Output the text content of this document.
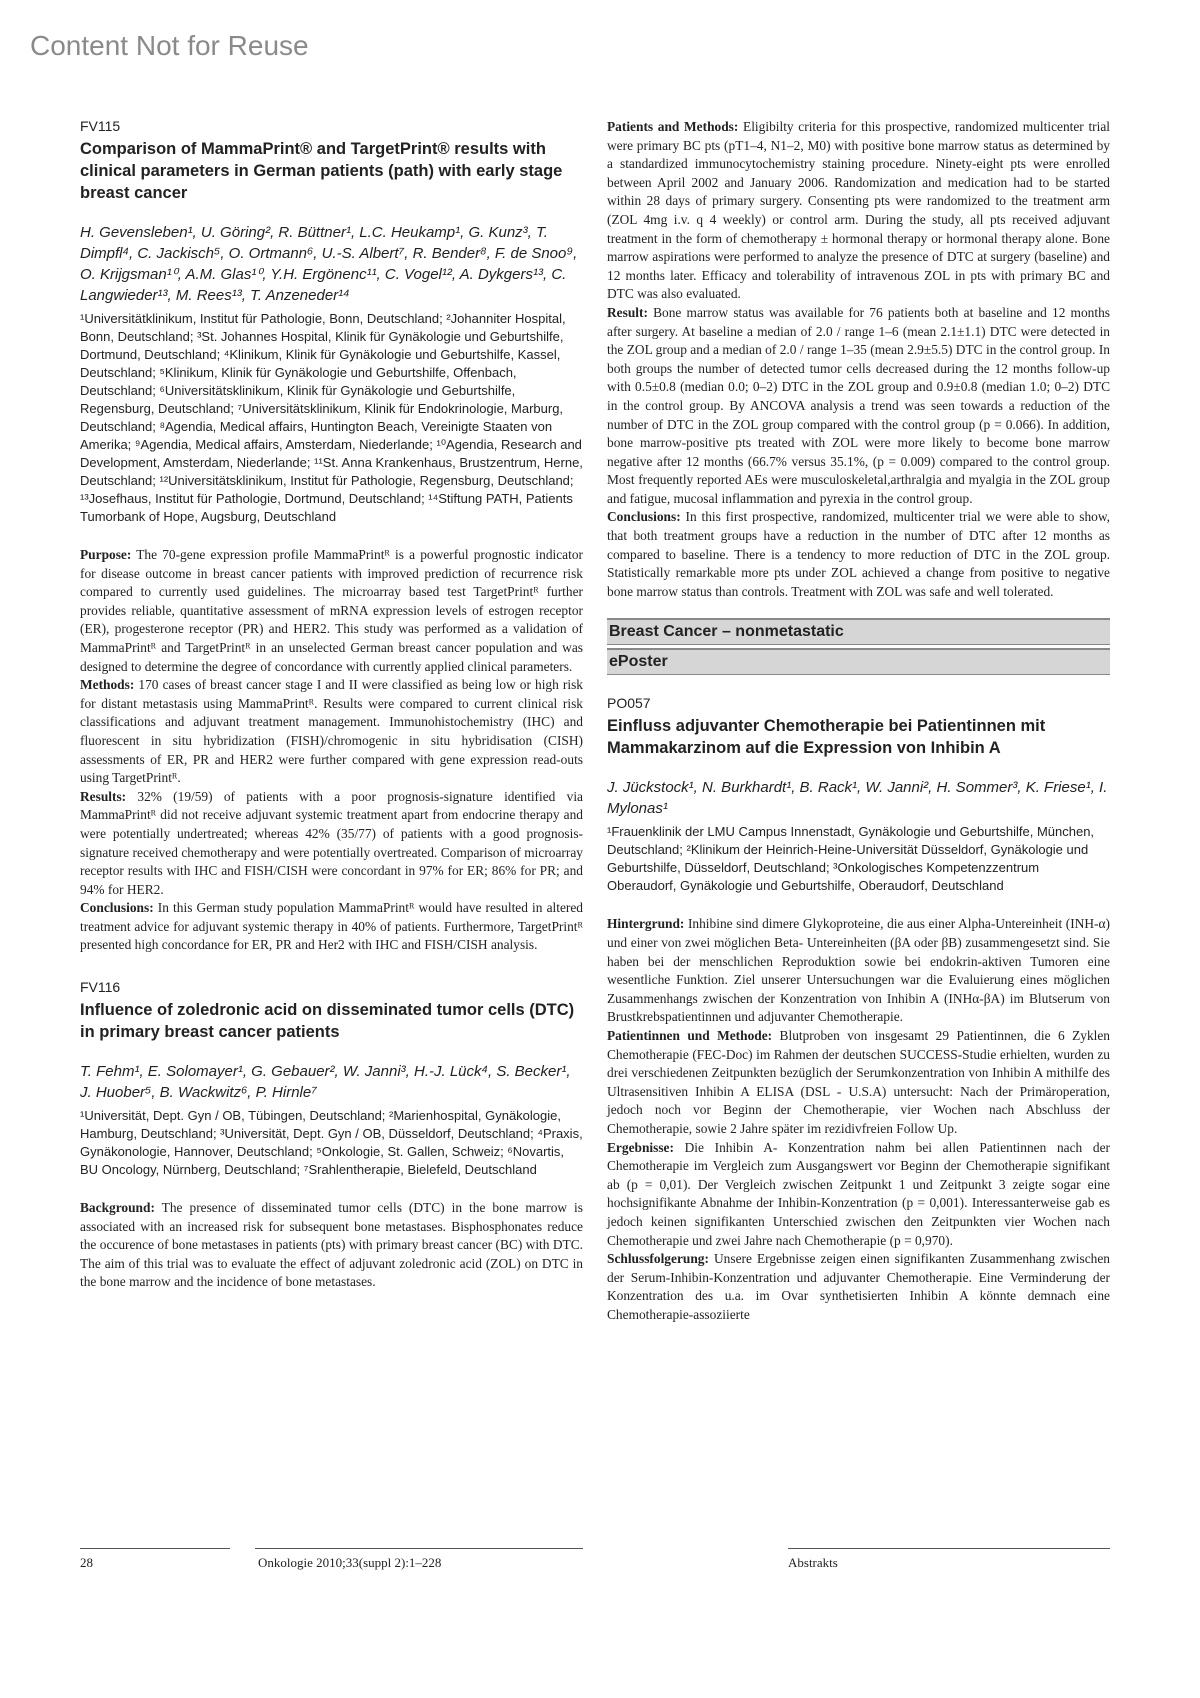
Content Not for Reuse
FV115
Comparison of MammaPrint® and TargetPrint® results with clinical parameters in German patients (path) with early stage breast cancer
H. Gevensleben¹, U. Göring², R. Büttner¹, L.C. Heukamp¹, G. Kunz³, T. Dimpfl⁴, C. Jackisch⁵, O. Ortmann⁶, U.-S. Albert⁷, R. Bender⁸, F. de Snoo⁹, O. Krijgsman¹⁰, A.M. Glas¹⁰, Y.H. Ergönenc¹¹, C. Vogel¹², A. Dykgers¹³, C. Langwieder¹³, M. Rees¹³, T. Anzeneder¹⁴
¹Universitätklinikum, Institut für Pathologie, Bonn, Deutschland; ²Johanniter Hospital, Bonn, Deutschland; ³St. Johannes Hospital, Klinik für Gynäkologie und Geburtshilfe, Dortmund, Deutschland; ⁴Klinikum, Klinik für Gynäkologie und Geburtshilfe, Kassel, Deutschland; ⁵Klinikum, Klinik für Gynäkologie und Geburtshilfe, Offenbach, Deutschland; ⁶Universitätsklinikum, Klinik für Gynäkologie und Geburtshilfe, Regensburg, Deutschland; ⁷Universitätsklinikum, Klinik für Endokrinologie, Marburg, Deutschland; ⁸Agendia, Medical affairs, Huntington Beach, Vereinigte Staaten von Amerika; ⁹Agendia, Medical affairs, Amsterdam, Niederlande; ¹⁰Agendia, Research and Development, Amsterdam, Niederlande; ¹¹St. Anna Krankenhaus, Brustzentrum, Herne, Deutschland; ¹²Universitätsklinikum, Institut für Pathologie, Regensburg, Deutschland; ¹³Josefhaus, Institut für Pathologie, Dortmund, Deutschland; ¹⁴Stiftung PATH, Patients Tumorbank of Hope, Augsburg, Deutschland

Purpose: The 70-gene expression profile MammaPrintᴿ is a powerful prognostic indicator for disease outcome in breast cancer patients with improved prediction of recurrence risk compared to currently used guidelines. The microarray based test TargetPrintᴿ further provides reliable, quantitative assessment of mRNA expression levels of estrogen receptor (ER), progesterone receptor (PR) and HER2. This study was performed as a validation of MammaPrintᴿ and TargetPrintᴿ in an unselected German breast cancer population and was designed to determine the degree of concordance with currently applied clinical parameters.

Methods: 170 cases of breast cancer stage I and II were classified as being low or high risk for distant metastasis using MammaPrintᴿ. Results were compared to current clinical risk classifications and adjuvant treatment management. Immunohistochemistry (IHC) and fluorescent in situ hybridization (FISH)/chromogenic in situ hybridisation (CISH) assessments of ER, PR and HER2 were further compared with gene expression read-outs using TargetPrintᴿ.

Results: 32% (19/59) of patients with a poor prognosis-signature identified via MammaPrintᴿ did not receive adjuvant systemic treatment apart from endocrine therapy and were potentially undertreated; whereas 42% (35/77) of patients with a good prognosis-signature received chemotherapy and were potentially overtreated. Comparison of microarray receptor results with IHC and FISH/CISH were concordant in 97% for ER; 86% for PR; and 94% for HER2.

Conclusions: In this German study population MammaPrintᴿ would have resulted in altered treatment advice for adjuvant systemic therapy in 40% of patients. Furthermore, TargetPrintᴿ presented high concordance for ER, PR and Her2 with IHC and FISH/CISH analysis.

FV116
Influence of zoledronic acid on disseminated tumor cells (DTC) in primary breast cancer patients
T. Fehm¹, E. Solomayer¹, G. Gebauer², W. Janni³, H.-J. Lück⁴, S. Becker¹, J. Huober⁵, B. Wackwitz⁶, P. Hirnle⁷
¹Universität, Dept. Gyn / OB, Tübingen, Deutschland; ²Marienhospital, Gynäkologie, Hamburg, Deutschland; ³Universität, Dept. Gyn / OB, Düsseldorf, Deutschland; ⁴Praxis, Gynäkonologie, Hannover, Deutschland; ⁵Onkologie, St. Gallen, Schweiz; ⁶Novartis, BU Oncology, Nürnberg, Deutschland; ⁷Srahlentherapie, Bielefeld, Deutschland

Background: The presence of disseminated tumor cells (DTC) in the bone marrow is associated with an increased risk for subsequent bone metastases. Bisphosphonates reduce the occurence of bone metastases in patients (pts) with primary breast cancer (BC) with DTC. The aim of this trial was to evaluate the effect of adjuvant zoledronic acid (ZOL) on DTC in the bone marrow and the incidence of bone metastases.

Patients and Methods: Eligibilty criteria for this prospective, randomized multicenter trial were primary BC pts (pT1–4, N1–2, M0) with positive bone marrow status as determined by a standardized immunocytochemistry staining procedure. Ninety-eight pts were enrolled between April 2002 and January 2006. Randomization and medication had to be started within 28 days of primary surgery. Consenting pts were randomized to the treatment arm (ZOL 4mg i.v. q 4 weekly) or control arm. During the study, all pts received adjuvant treatment in the form of chemotherapy ± hormonal therapy or hormonal therapy alone. Bone marrow aspirations were performed to analyze the presence of DTC at surgery (baseline) and 12 months later. Efficacy and tolerability of intravenous ZOL in pts with primary BC and DTC was also evaluated.

Result: Bone marrow status was available for 76 patients both at baseline and 12 months after surgery. At baseline a median of 2.0 / range 1–6 (mean 2.1±1.1) DTC were detected in the ZOL group and a median of 2.0 / range 1–35 (mean 2.9±5.5) DTC in the control group. In both groups the number of detected tumor cells decreased during the 12 months follow-up with 0.5±0.8 (median 0.0; 0–2) DTC in the ZOL group and 0.9±0.8 (median 1.0; 0–2) DTC in the control group. By ANCOVA analysis a trend was seen towards a reduction of the number of DTC in the ZOL group compared with the control group (p = 0.066). In addition, bone marrow-positive pts treated with ZOL were more likely to become bone marrow negative after 12 months (66.7% versus 35.1%, (p = 0.009) compared to the control group. Most frequently reported AEs were musculoskeletal,arthralgia and myalgia in the ZOL group and fatigue, mucosal inflammation and pyrexia in the control group.

Conclusions: In this first prospective, randomized, multicenter trial we were able to show, that both treatment groups have a reduction in the number of DTC after 12 months as compared to baseline. There is a tendency to more reduction of DTC in the ZOL group. Statistically remarkable more pts under ZOL achieved a change from positive to negative bone marrow status than controls. Treatment with ZOL was safe and well tolerated.

Breast Cancer – nonmetastatic
ePoster
PO057
Einfluss adjuvanter Chemotherapie bei Patientinnen mit Mammakarzinom auf die Expression von Inhibin A
J. Jückstock¹, N. Burkhardt¹, B. Rack¹, W. Janni², H. Sommer³, K. Friese¹, I. Mylonas¹
¹Frauenklinik der LMU Campus Innenstadt, Gynäkologie und Geburtshilfe, München, Deutschland; ²Klinikum der Heinrich-Heine-Universität Düsseldorf, Gynäkologie und Geburtshilfe, Düsseldorf, Deutschland; ³Onkologisches Kompetenzzentrum Oberaudorf, Gynäkologie und Geburtshilfe, Oberaudorf, Deutschland

Hintergrund: Inhibine sind dimere Glykoproteine, die aus einer Alpha-Untereinheit (INH-α) und einer von zwei möglichen Beta- Untereinheiten (βA oder βB) zusammengesetzt sind. Sie haben bei der menschlichen Reproduktion sowie bei endokrin-aktiven Tumoren eine wesentliche Funktion. Ziel unserer Untersuchungen war die Evaluierung eines möglichen Zusammenhangs zwischen der Konzentration von Inhibin A (INHα-βA) im Blutserum von Brustkrebspatientinnen und adjuvanter Chemotherapie.

Patientinnen und Methode: Blutproben von insgesamt 29 Patientinnen, die 6 Zyklen Chemotherapie (FEC-Doc) im Rahmen der deutschen SUCCESS-Studie erhielten, wurden zu drei verschiedenen Zeitpunkten bezüglich der Serumkonzentration von Inhibin A mithilfe des Ultrasensitiven Inhibin A ELISA (DSL - U.S.A) untersucht: Nach der Primäroperation, jedoch noch vor Beginn der Chemotherapie, vier Wochen nach Abschluss der Chemotherapie, sowie 2 Jahre später im rezidivfreien Follow Up.

Ergebnisse: Die Inhibin A- Konzentration nahm bei allen Patientinnen nach der Chemotherapie im Vergleich zum Ausgangswert vor Beginn der Chemotherapie signifikant ab (p = 0,01). Der Vergleich zwischen Zeitpunkt 1 und Zeitpunkt 3 zeigte sogar eine hochsignifikante Abnahme der Inhibin-Konzentration (p = 0,001). Interessanterweise gab es jedoch keinen signifikanten Unterschied zwischen den Zeitpunkten vier Wochen nach Chemotherapie und zwei Jahre nach Chemotherapie (p = 0,970).

Schlussfolgerung: Unsere Ergebnisse zeigen einen signifikanten Zusammenhang zwischen der Serum-Inhibin-Konzentration und adjuvanter Chemotherapie. Eine Verminderung der Konzentration des u.a. im Ovar synthetisierten Inhibin A könnte demnach eine Chemotherapie-assoziierte

28	Onkologie 2010;33(suppl 2):1–228	Abstrakts
